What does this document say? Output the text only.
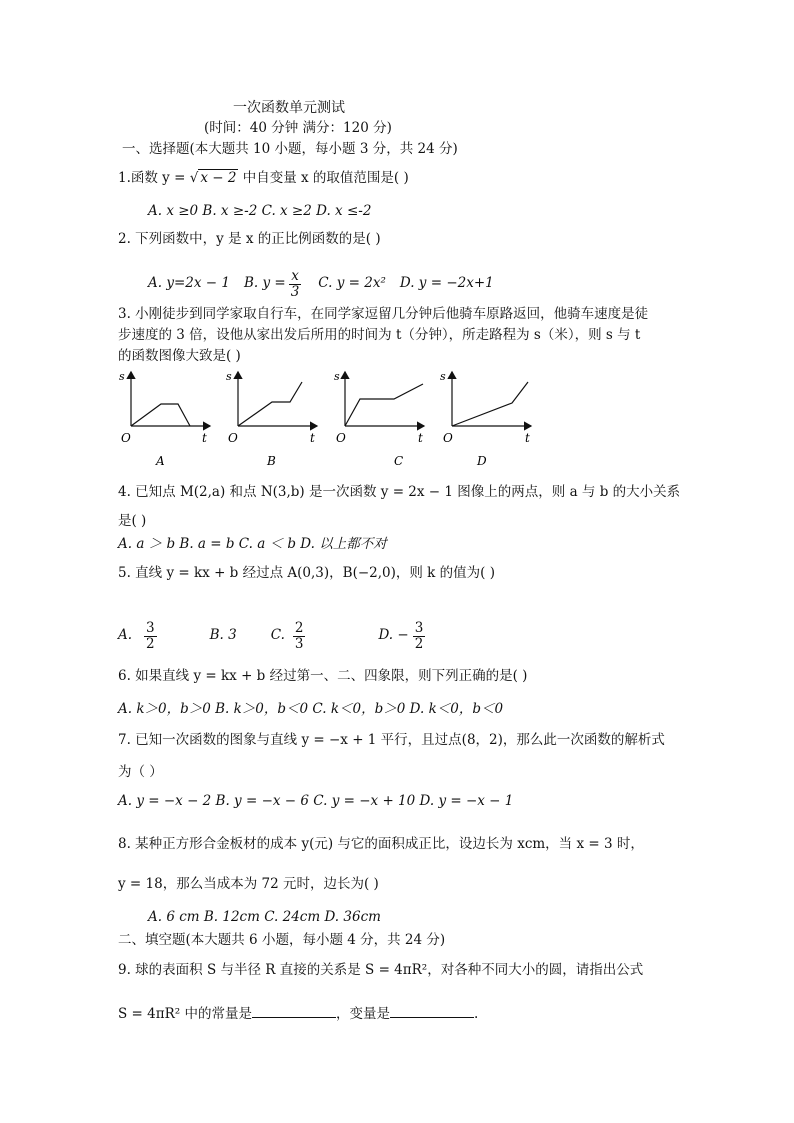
一次函数单元测试
(时间：40 分钟 满分：120 分)
一、选择题(本大题共 10 小题，每小题 3 分，共 24 分)
1.函数 y = √ x − 2 中自变量 x 的取值范围是( )
A. x ≥0 B. x ≥-2 C. x ≥2 D. x ≤-2
2. 下列函数中，y 是 x 的正比例函数的是( )
A. y=2x − 1 B. $y = \frac{x}{3} C$. y = 2x² D. y = −2x+1
3. 小刚徒步到同学家取自行车，在同学家逗留几分钟后他骑车原路返回，他骑车速度是徒
步速度的 3 倍，设他从家出发后所用的时间为 t（分钟），所走路程为 s（米），则 s 与 t
的函数图像大致是( )
s
O	t
A
s
O	t
B
s
O	t
C
s
O	t
D
4. 已知点 M(2,a) 和点 N(3,b) 是一次函数 y = 2x − 1 图像上的两点，则 a 与 b 的大小关系
是( )
A. a ＞ b B. a = b C. a ＜ b D. 以上都不对
5. 直线 y = kx + b 经过点 A(0,3)，B(−2,0)，则 k 的值为( )
A. $\frac{3}{2}$	B. 3	C. $\frac{2}{3}$	D. − $\frac{3}{2}$
6. 如果直线 y = kx + b 经过第一、二、四象限，则下列正确的是( )
A. k＞0，b＞0 B. k＞0，b＜0 C. k＜0，b＞0 D. k＜0，b＜0
7. 已知一次函数的图象与直线 y = −x + 1 平行，且过点(8，2)，那么此一次函数的解析式
为（ ）
A. y = −x − 2 B. y = −x − 6 C. y = −x + 10 D. y = −x − 1
8. 某种正方形合金板材的成本 y(元) 与它的面积成正比，设边长为 xcm，当 x = 3 时，
y = 18，那么当成本为 72 元时，边长为( )
A. 6 cm B. 12cm C. 24cm D. 36cm
二、填空题(本大题共 6 小题，每小题 4 分，共 24 分)
9. 球的表面积 S 与半径 R 直接的关系是 S = 4πR²，对各种不同大小的圆，请指出公式
S = 4πR² 中的常量是	，变量是	.
